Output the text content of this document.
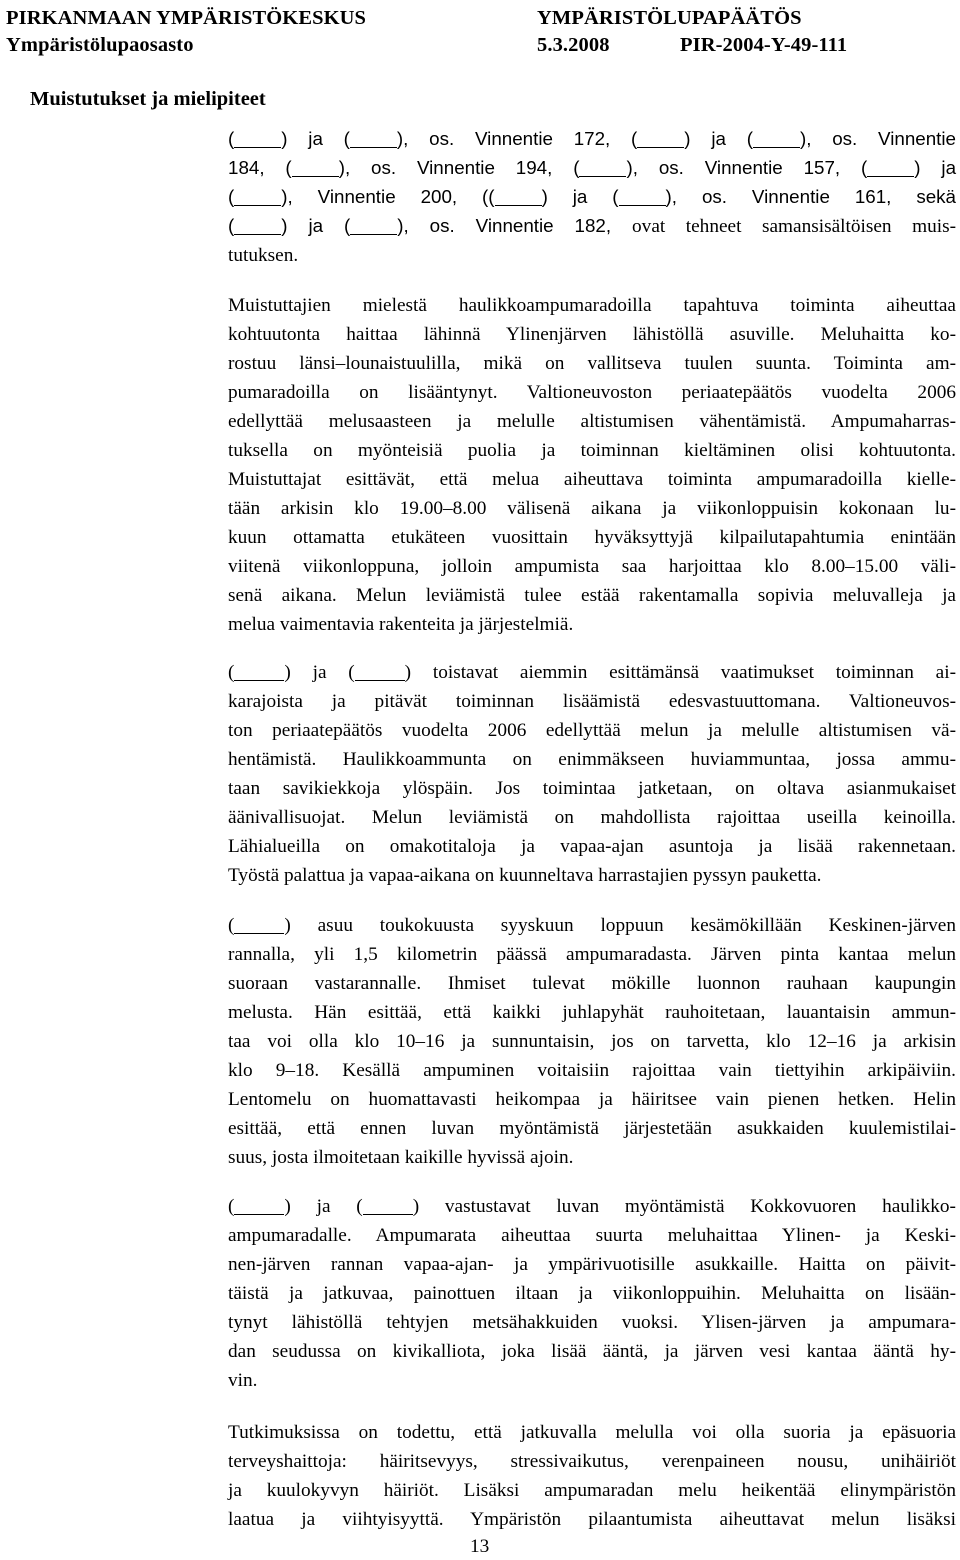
PIRKANMAAN YMPÄRISTÖKESKUS	YMPÄRISTÖLUPAPÄÄTÖS
Ympäristölupaosasto	5.3.2008	PIR-2004-Y-49-111
Muistutukset ja mielipiteet
(	) ja (	), os. Vinnentie 172, (	) ja (	), os. Vinnentie
184, (	), os. Vinnentie 194, (	), os. Vinnentie 157, (	) ja
(	), Vinnentie 200, ((	) ja (	), os. Vinnentie 161, sekä
(	) ja (	), os. Vinnentie 182, ovat tehneet samansisältöisen muis-
tutuksen.
Muistuttajien mielestä haulikkoampumaradoilla tapahtuva toiminta aiheuttaa
kohtuutonta haittaa lähinnä Ylinenjärven lähistöllä asuville. Meluhaitta ko-
rostuu länsi–lounaistuulilla, mikä on vallitseva tuulen suunta. Toiminta am-
pumaradoilla on lisääntynyt. Valtioneuvoston periaatepäätös vuodelta 2006
edellyttää melusaasteen ja melulle altistumisen vähentämistä. Ampumaharras-
tuksella on myönteisiä puolia ja toiminnan kieltäminen olisi kohtuutonta.
Muistuttajat esittävät, että melua aiheuttava toiminta ampumaradoilla kielle-
tään arkisin klo 19.00–8.00 välisenä aikana ja viikonloppuisin kokonaan lu-
kuun ottamatta etukäteen vuosittain hyväksyttyjä kilpailutapahtumia enintään
viitenä viikonloppuna, jolloin ampumista saa harjoittaa klo 8.00–15.00 väli-
senä aikana. Melun leviämistä tulee estää rakentamalla sopivia meluvalleja ja
melua vaimentavia rakenteita ja järjestelmiä.
(	) ja (	) toistavat aiemmin esittämänsä vaatimukset toiminnan ai-
karajoista ja pitävät toiminnan lisäämistä edesvastuuttomana. Valtioneuvos-
ton periaatepäätös vuodelta 2006 edellyttää melun ja melulle altistumisen vä-
hentämistä. Haulikkoammunta on enimmäkseen huviammuntaa, jossa ammu-
taan savikiekkoja ylöspäin. Jos toimintaa jatketaan, on oltava asianmukaiset
äänivallisuojat. Melun leviämistä on mahdollista rajoittaa useilla keinoilla.
Lähialueilla on omakotitaloja ja vapaa-ajan asuntoja ja lisää rakennetaan.
Työstä palattua ja vapaa-aikana on kuunneltava harrastajien pyssyn pauketta.
(	) asuu toukokuusta syyskuun loppuun kesämökillään Keskinen-järven
rannalla, yli 1,5 kilometrin päässä ampumaradasta. Järven pinta kantaa melun
suoraan vastarannalle. Ihmiset tulevat mökille luonnon rauhaan kaupungin
melusta. Hän esittää, että kaikki juhlapyhät rauhoitetaan, lauantaisin ammun-
taa voi olla klo 10–16 ja sunnuntaisin, jos on tarvetta, klo 12–16 ja arkisin
klo 9–18. Kesällä ampuminen voitaisiin rajoittaa vain tiettyihin arkipäiviin.
Lentomelu on huomattavasti heikompaa ja häiritsee vain pienen hetken. Helin
esittää, että ennen luvan myöntämistä järjestetään asukkaiden kuulemistilai-
suus, josta ilmoitetaan kaikille hyvissä ajoin.
(	) ja (	) vastustavat luvan myöntämistä Kokkovuoren haulikko-
ampumaradalle. Ampumarata aiheuttaa suurta meluhaittaa Ylinen- ja Keski-
nen-järven rannan vapaa-ajan- ja ympärivuotisille asukkaille. Haitta on päivit-
täistä ja jatkuvaa, painottuen iltaan ja viikonloppuihin. Meluhaitta on lisään-
tynyt lähistöllä tehtyjen metsähakkuiden vuoksi. Ylisen-järven ja ampumara-
dan seudussa on kivikalliota, joka lisää ääntä, ja järven vesi kantaa ääntä hy-
vin.
Tutkimuksissa on todettu, että jatkuvalla melulla voi olla suoria ja epäsuoria
terveyshaittoja: häiritsevyys, stressivaikutus, verenpaineen nousu, unihäiriöt
ja kuulokyvyn häiriöt. Lisäksi ampumaradan melu heikentää elinympäristön
laatua ja viihtyisyyttä. Ympäristön pilaantumista aiheuttavat melun lisäksi
13
